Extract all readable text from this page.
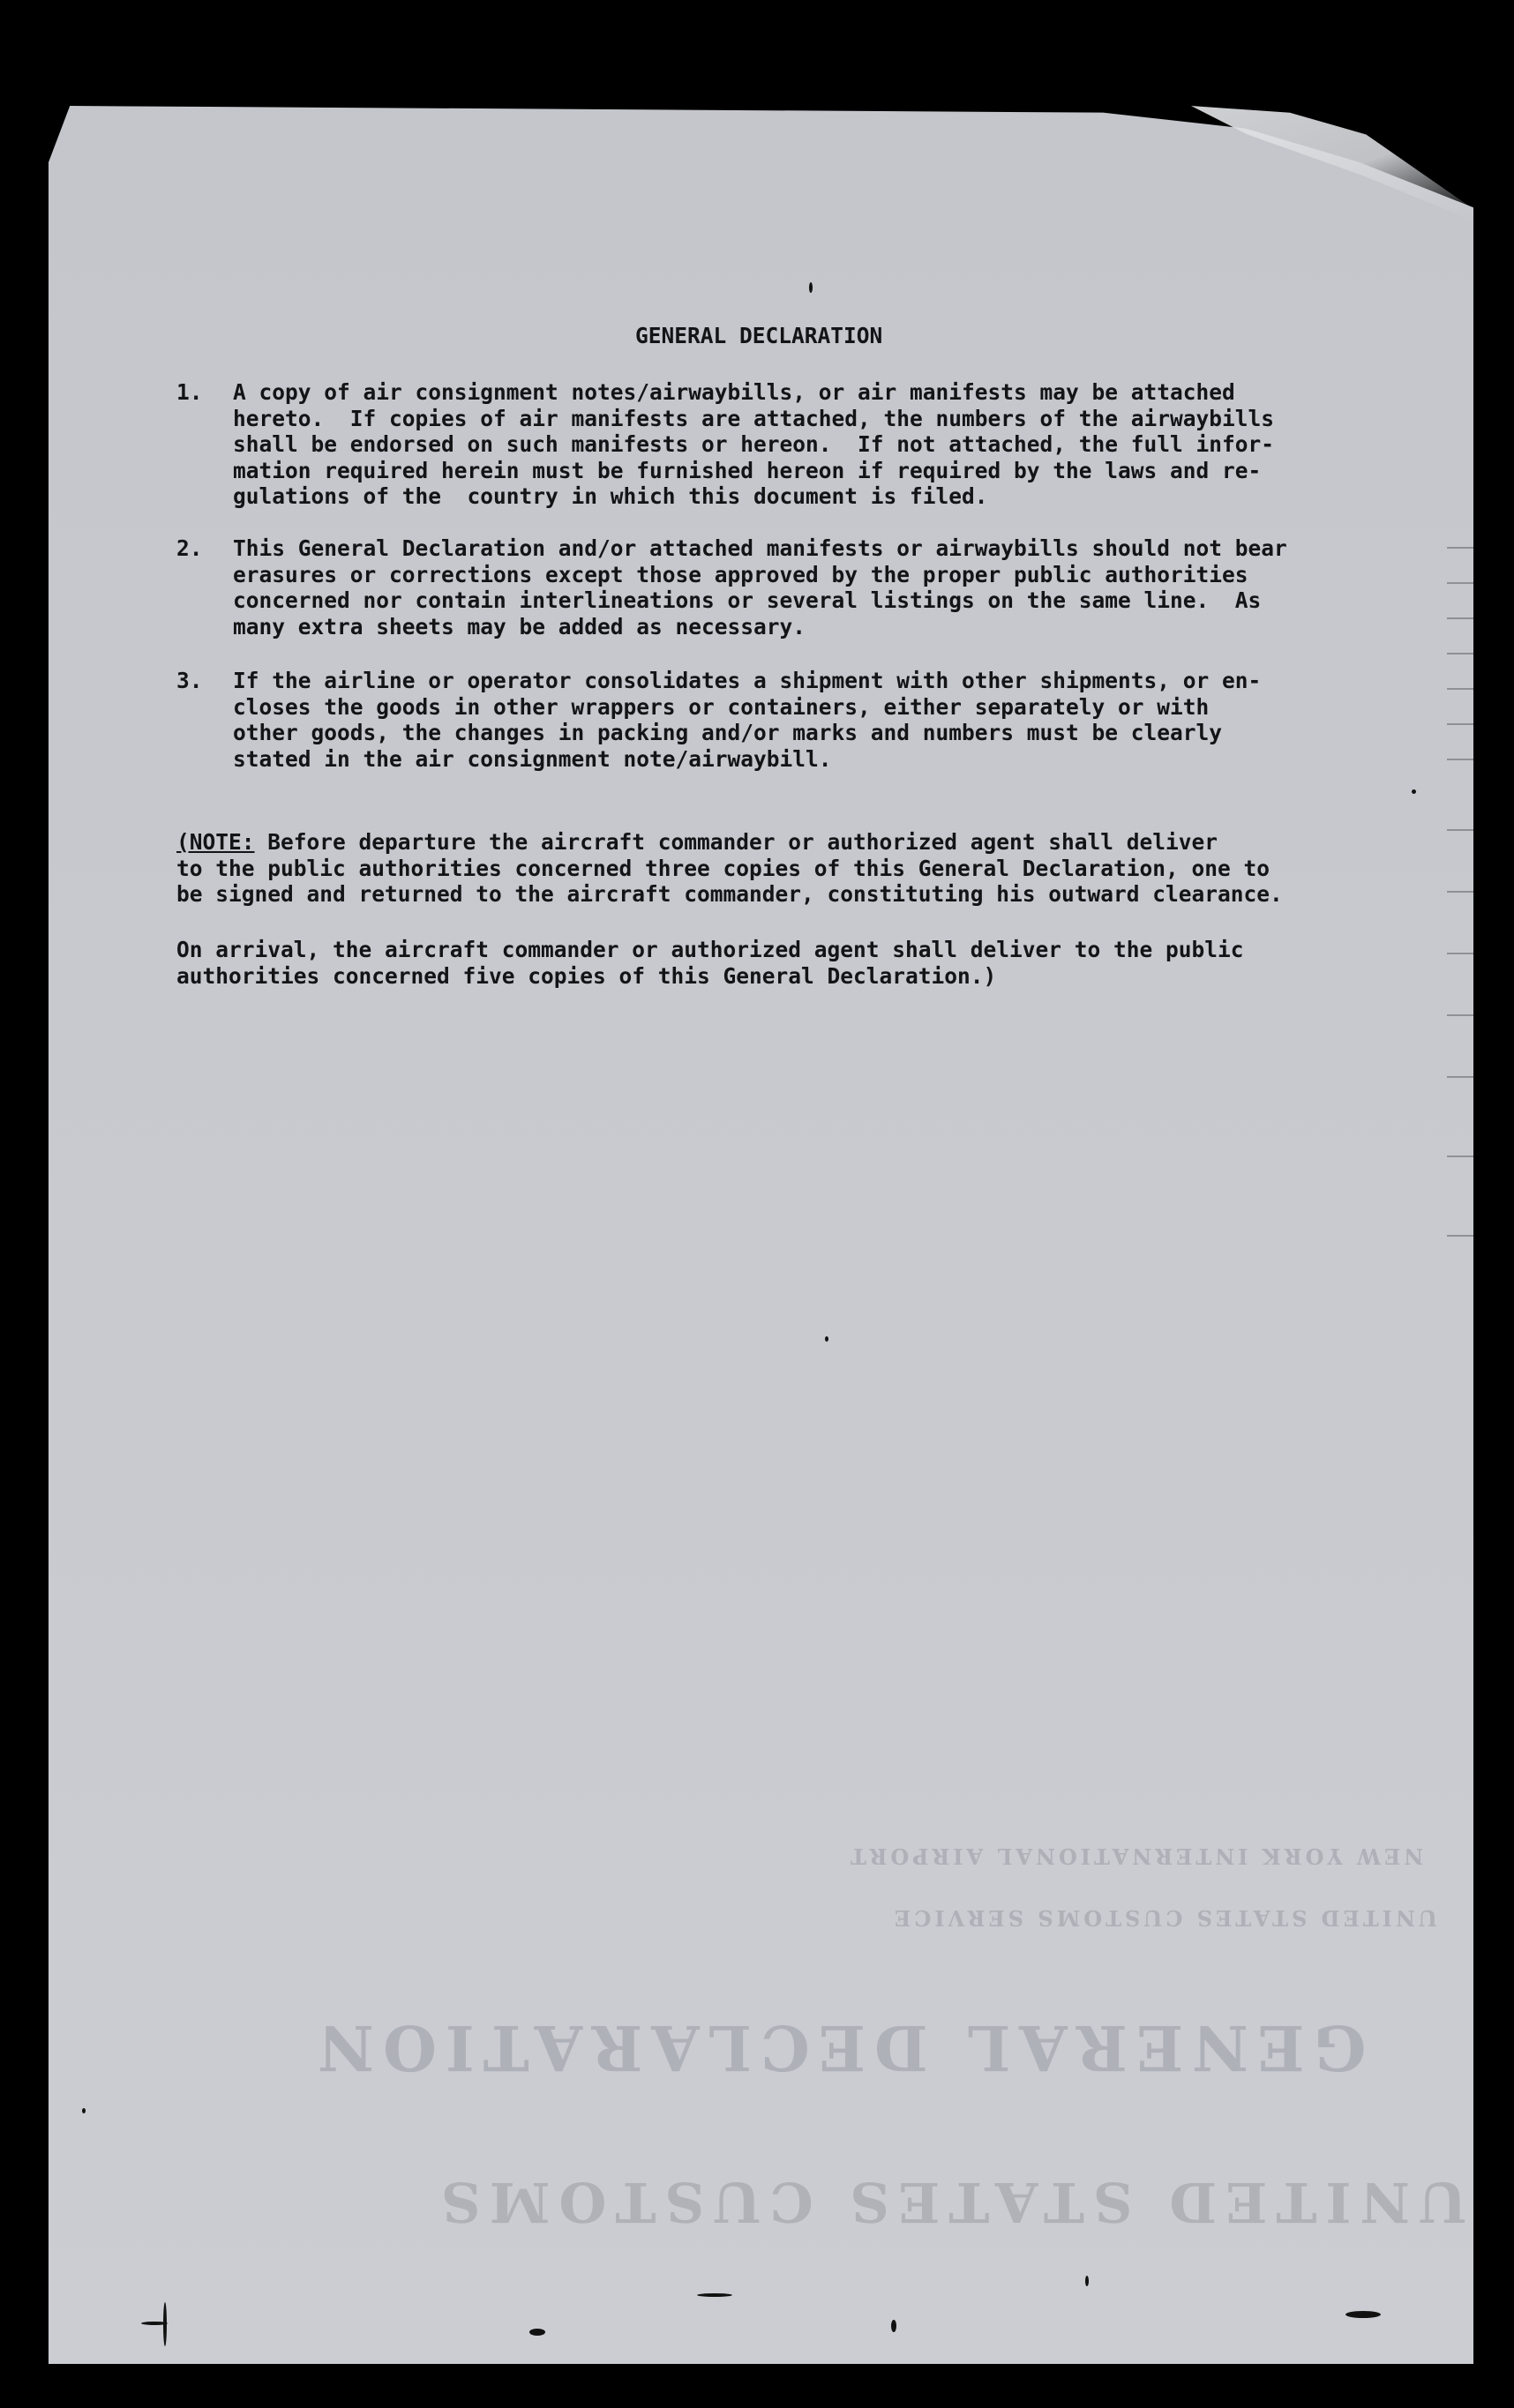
GENERAL DECLARATION
UNITED STATES CUSTOMS
NEW YORK INTERNATIONAL AIRPORT
UNITED STATES CUSTOMS SERVICE
GENERAL DECLARATION
1. A copy of air consignment notes/airwaybills, or air manifests may be attached
hereto.  If copies of air manifests are attached, the numbers of the airwaybills
shall be endorsed on such manifests or hereon.  If not attached, the full infor-
mation required herein must be furnished hereon if required by the laws and re-
gulations of the  country in which this document is filed.
2. This General Declaration and/or attached manifests or airwaybills should not bear
erasures or corrections except those approved by the proper public authorities
concerned nor contain interlineations or several listings on the same line.  As
many extra sheets may be added as necessary.
3. If the airline or operator consolidates a shipment with other shipments, or en-
closes the goods in other wrappers or containers, either separately or with
other goods, the changes in packing and/or marks and numbers must be clearly
stated in the air consignment note/airwaybill.
(NOTE: Before departure the aircraft commander or authorized agent shall deliver
to the public authorities concerned three copies of this General Declaration, one to
be signed and returned to the aircraft commander, constituting his outward clearance.
On arrival, the aircraft commander or authorized agent shall deliver to the public
authorities concerned five copies of this General Declaration.)
